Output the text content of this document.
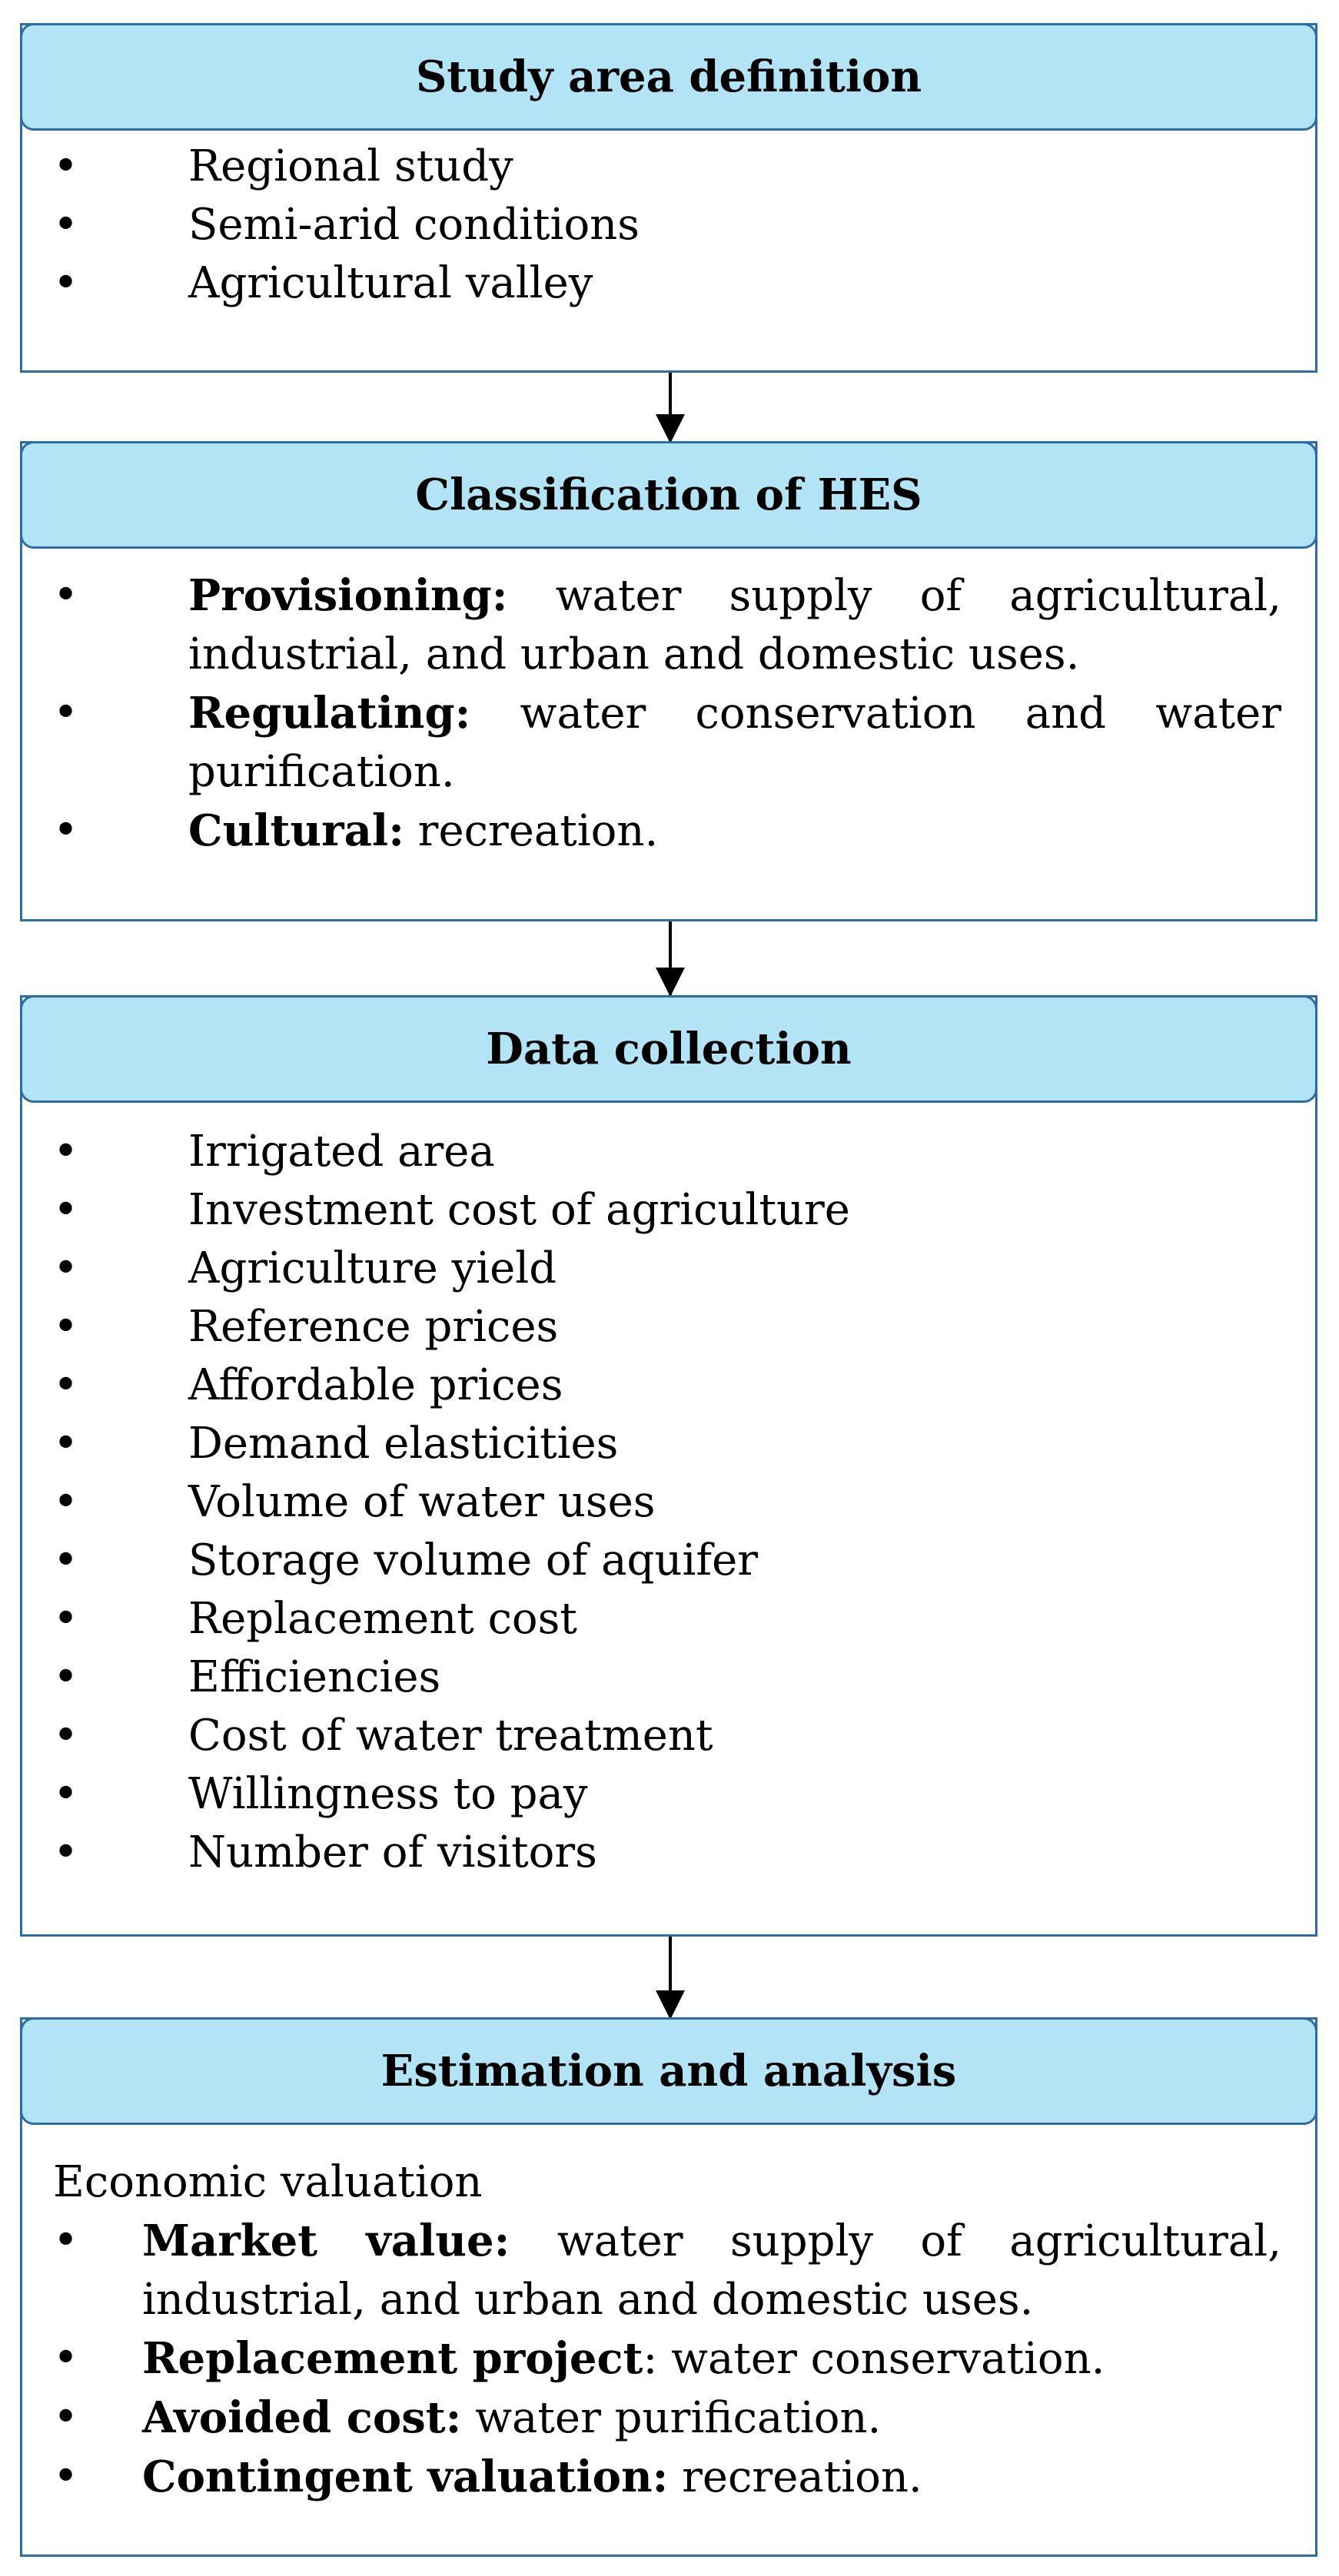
Study area definition
•	Regional study
•	Semi-arid conditions
•	Agricultural valley
Classification of HES
•	Provisioning: water supply of agricultural, industrial, and urban and domestic uses.
•	Regulating: water conservation and water purification.
•	Cultural: recreation.
Data collection
•	Irrigated area
•	Investment cost of agriculture
•	Agriculture yield
•	Reference prices
•	Affordable prices
•	Demand elasticities
•	Volume of water uses
•	Storage volume of aquifer
•	Replacement cost
•	Efficiencies
•	Cost of water treatment
•	Willingness to pay
•	Number of visitors
Estimation and analysis
Economic valuation
• Market value: water supply of agricultural, industrial, and urban and domestic uses.
• Replacement project: water conservation.
• Avoided cost: water purification.
• Contingent valuation: recreation.
